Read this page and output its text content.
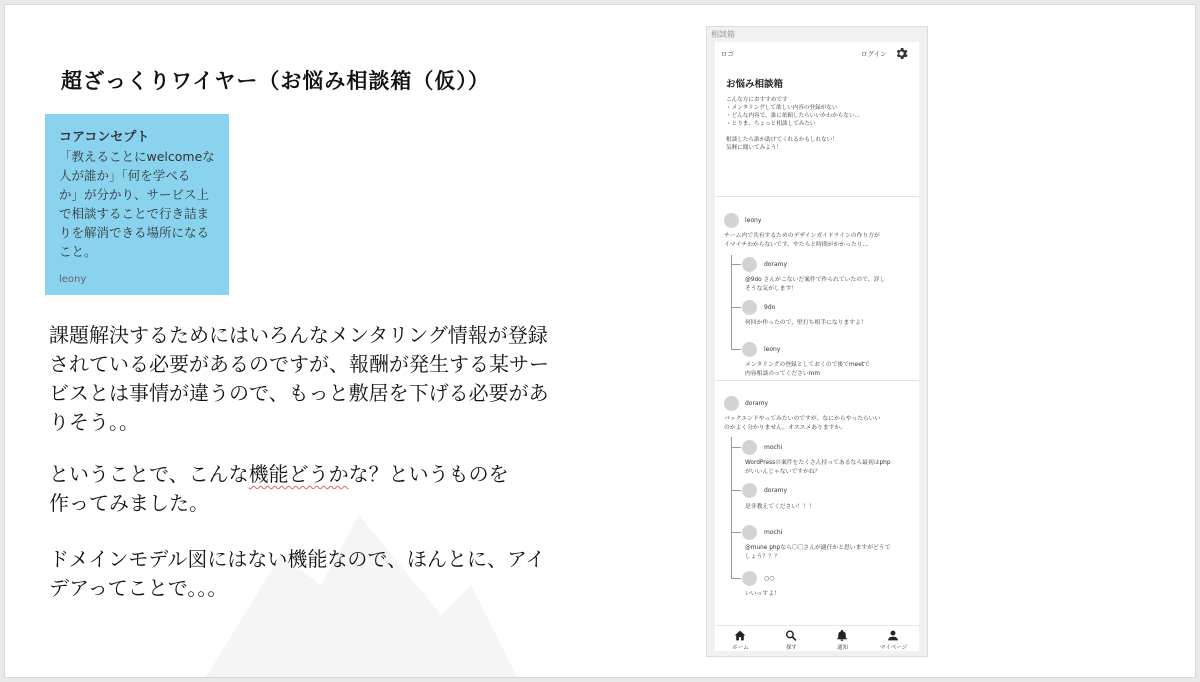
超ざっくりワイヤー（お悩み相談箱（仮））
コアコンセプト
「教えることにwelcomeな
人が誰か」「何を学べる
か」が分かり、サービス上
で相談することで行き詰ま
りを解消できる場所になる
こと。
leony
課題解決するためにはいろんなメンタリング情報が登録
されている必要があるのですが、報酬が発生する某サー
ビスとは事情が違うので、もっと敷居を下げる必要があ
りそう。。
ということで、こんな機能どうかな？というものを
作ってみました。
ドメインモデル図にはない機能なので、ほんとに、アイ
デアってことで。。。
相談箱
ロゴ	ログイン
お悩み相談箱
こんな方におすすめです
・メンタリングして欲しい内容の登録がない
・どんな内容で、誰に依頼したらいいかわからない...
・とりま、ちょっと相談してみたい
相談したら誰か助けてくれるかもしれない！
気軽に聞いてみよう！
leony
チーム内で共有するためのデザインガイドラインの作り方が
イマイチわからないです。やたらと時間がかかったり...
doramy
@9do さんがこないだ案件で作られていたので、詳し
そうな気がします！
9do
何回か作ったので、壁打ち相手になりますよ！
leony
メンタリングの登録としておくので後でmeetで
内容相談のってくださいmm
doramy
バックエンドやってみたいのですが、なにからやったらいい
のかよく分かりません。オススメありますか。
mochi
WordPressの案件をたくさん持ってあるなら最初はphp
がいいんじゃないですかね？
doramy
是非教えてください！！！
mochi
@mune phpなら〇〇さんが適任かと思いますがどうで
しょう？？？
○○
いいっすよ！
ホーム	探す	通知	マイページ
